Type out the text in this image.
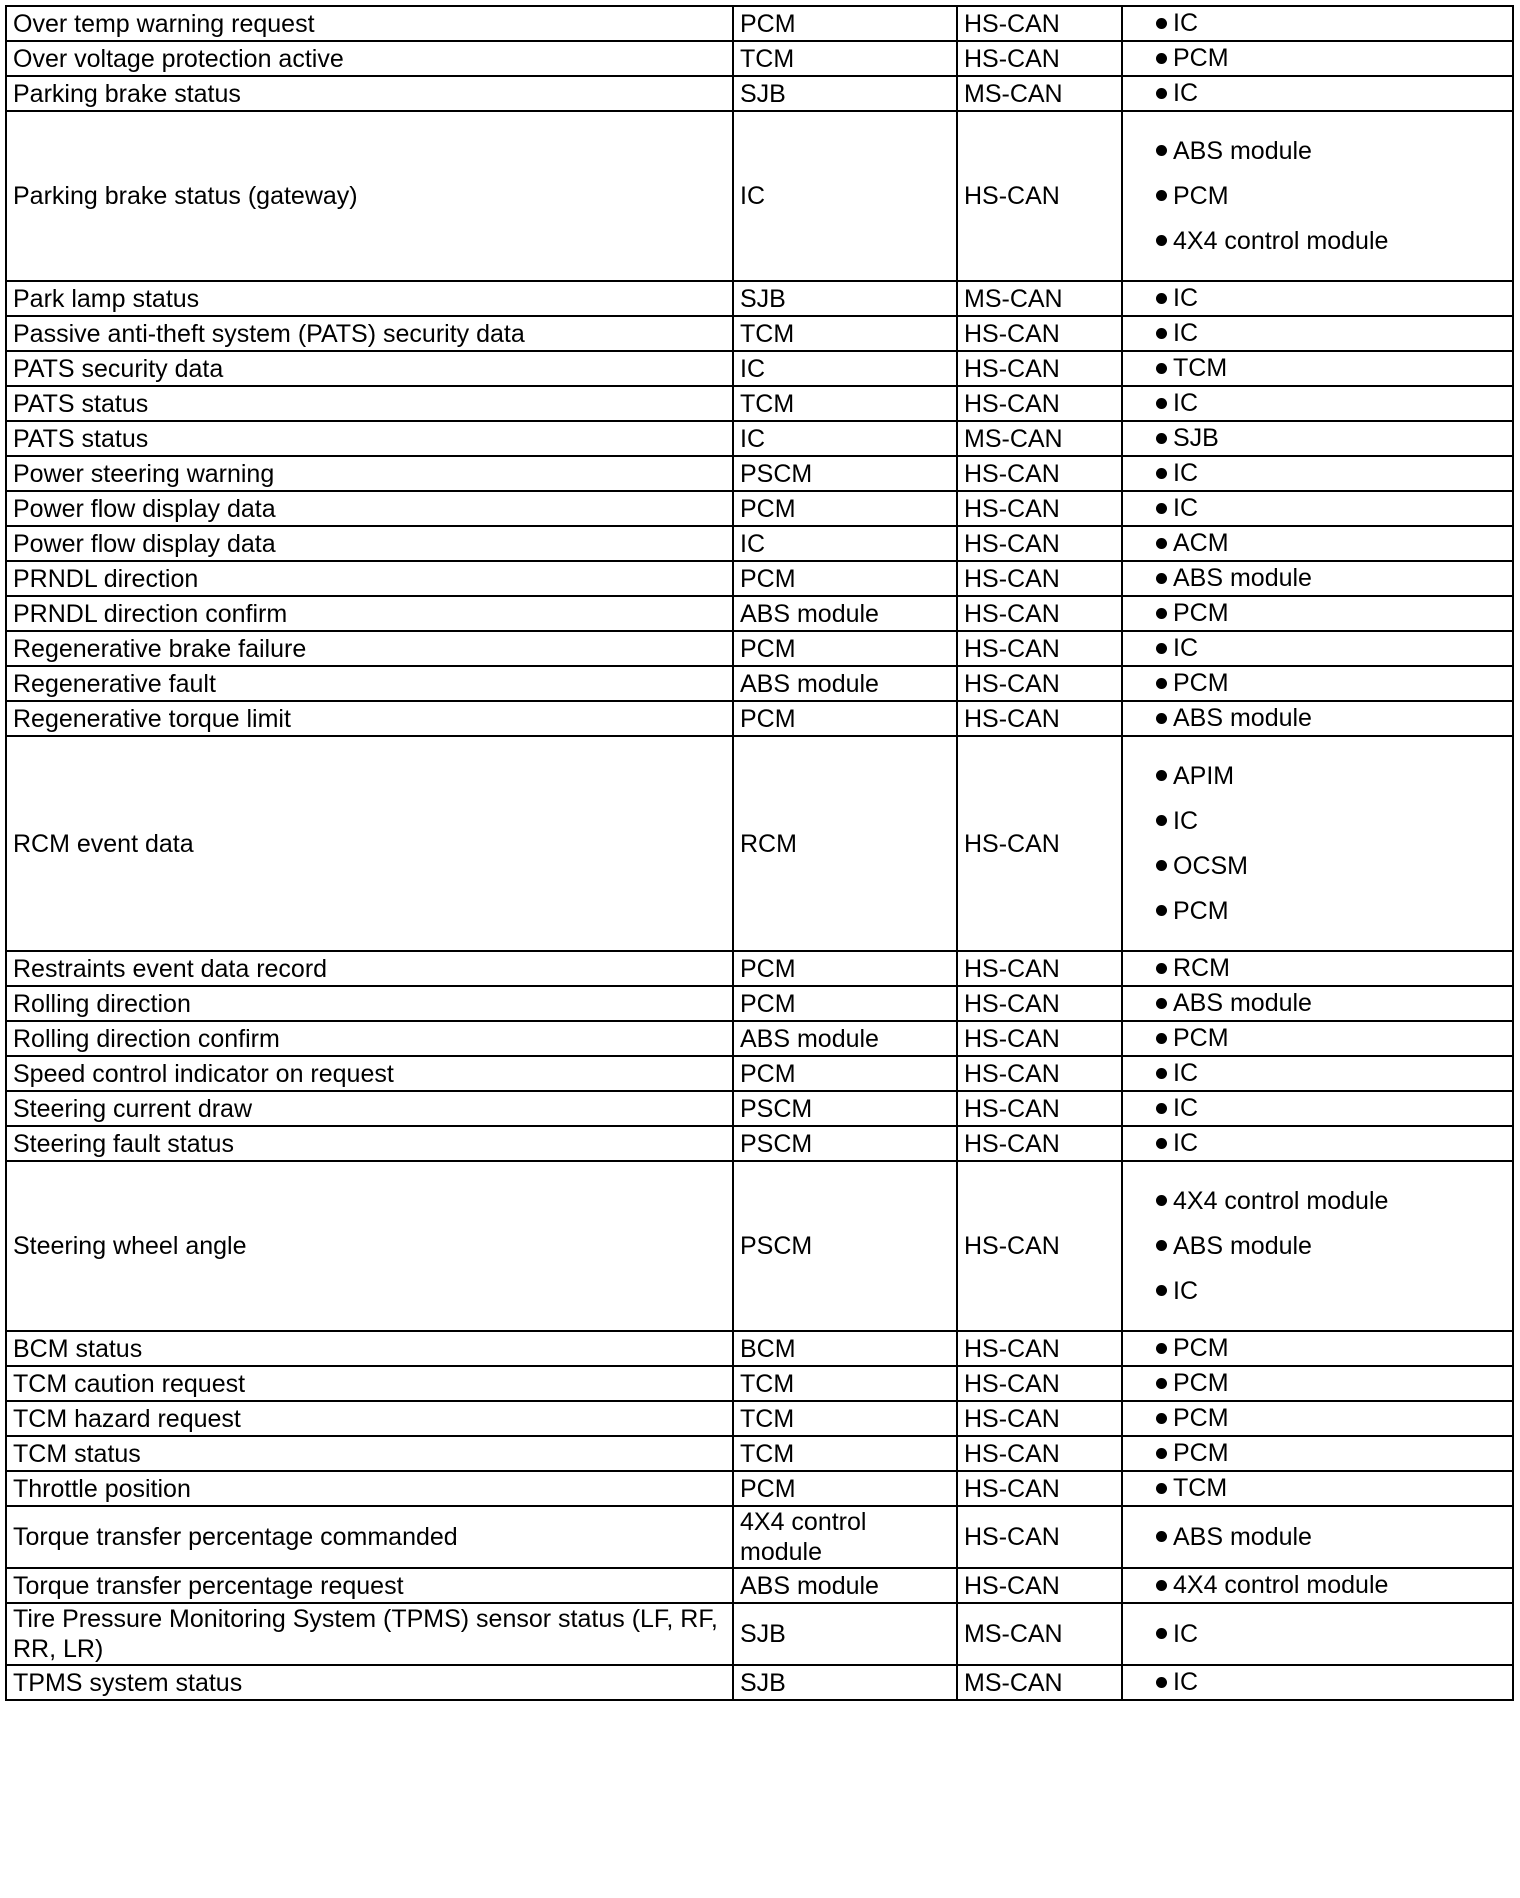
Over temp warning request	PCM	HS-CAN	IC

Over voltage protection active	TCM	HS-CAN	PCM

Parking brake status	SJB	MS-CAN	IC

Parking brake status (gateway)	IC	HS-CAN	ABS module
PCM
4X4 control module

Park lamp status	SJB	MS-CAN	IC

Passive anti-theft system (PATS) security data	TCM	HS-CAN	IC

PATS security data	IC	HS-CAN	TCM

PATS status	TCM	HS-CAN	IC

PATS status	IC	MS-CAN	SJB

Power steering warning	PSCM	HS-CAN	IC

Power flow display data	PCM	HS-CAN	IC

Power flow display data	IC	HS-CAN	ACM

PRNDL direction	PCM	HS-CAN	ABS module

PRNDL direction confirm	ABS module	HS-CAN	PCM

Regenerative brake failure	PCM	HS-CAN	IC

Regenerative fault	ABS module	HS-CAN	PCM

Regenerative torque limit	PCM	HS-CAN	ABS module

RCM event data	RCM	HS-CAN	APIM
IC
OCSM
PCM

Restraints event data record	PCM	HS-CAN	RCM

Rolling direction	PCM	HS-CAN	ABS module

Rolling direction confirm	ABS module	HS-CAN	PCM

Speed control indicator on request	PCM	HS-CAN	IC

Steering current draw	PSCM	HS-CAN	IC

Steering fault status	PSCM	HS-CAN	IC

Steering wheel angle	PSCM	HS-CAN	4X4 control module
ABS module
IC

BCM status	BCM	HS-CAN	PCM

TCM caution request	TCM	HS-CAN	PCM

TCM hazard request	TCM	HS-CAN	PCM

TCM status	TCM	HS-CAN	PCM

Throttle position	PCM	HS-CAN	TCM

Torque transfer percentage commanded	4X4 control module	HS-CAN	ABS module

Torque transfer percentage request	ABS module	HS-CAN	4X4 control module

Tire Pressure Monitoring System (TPMS) sensor status (LF, RF, RR, LR)	SJB	MS-CAN	IC

TPMS system status	SJB	MS-CAN	IC
